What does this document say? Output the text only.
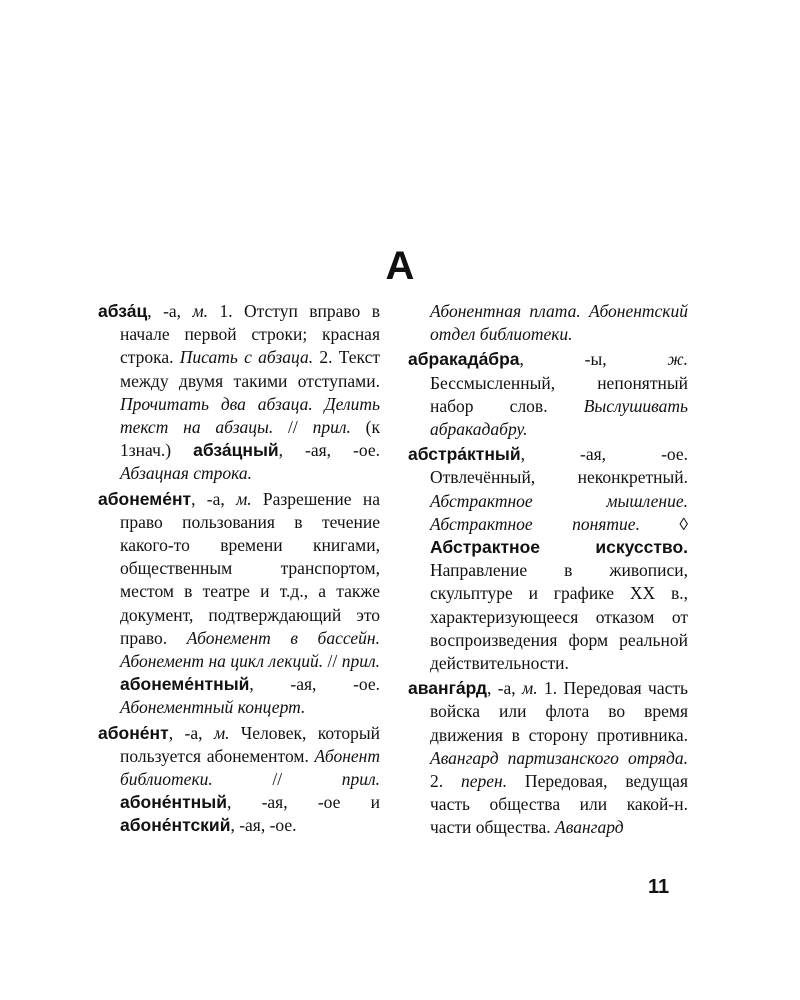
А

абза́ц, -а, м. 1. Отступ вправо в начале первой строки; красная строка. Писать с абзаца. 2. Текст между двумя такими отступами. Прочитать два абзаца. Делить текст на абзацы. // прил. (к 1знач.) абза́цный, -ая, -ое. Абзацная строка.

абонеме́нт, -а, м. Разрешение на право пользования в течение какого-то времени книгами, общественным транспортом, местом в театре и т.д., а также документ, подтверждающий это право. Абонемент в бассейн. Абонемент на цикл лекций. // прил. абонеме́нтный, -ая, -ое. Абонементный концерт.

абоне́нт, -а, м. Человек, который пользуется абонементом. Абонент библиотеки. // прил. абоне́нтный, -ая, -ое и абоне́нтский, -ая, -ое.

Абонентная плата. Абонентский отдел библиотеки.

абракада́бра, -ы, ж. Бессмысленный, непонятный набор слов. Выслушивать абракадабру.

абстра́ктный, -ая, -ое. Отвлечённый, неконкретный. Абстрактное мышление. Абстрактное понятие. ◊ Абстрактное искусство. Направление в живописи, скульптуре и графике XX в., характеризующееся отказом от воспроизведения форм реальной действительности.

аванга́рд, -а, м. 1. Передовая часть войска или флота во время движения в сторону противника. Авангард партизанского отряда. 2. перен. Передовая, ведущая часть общества или какой-н. части общества. Авангард

11
